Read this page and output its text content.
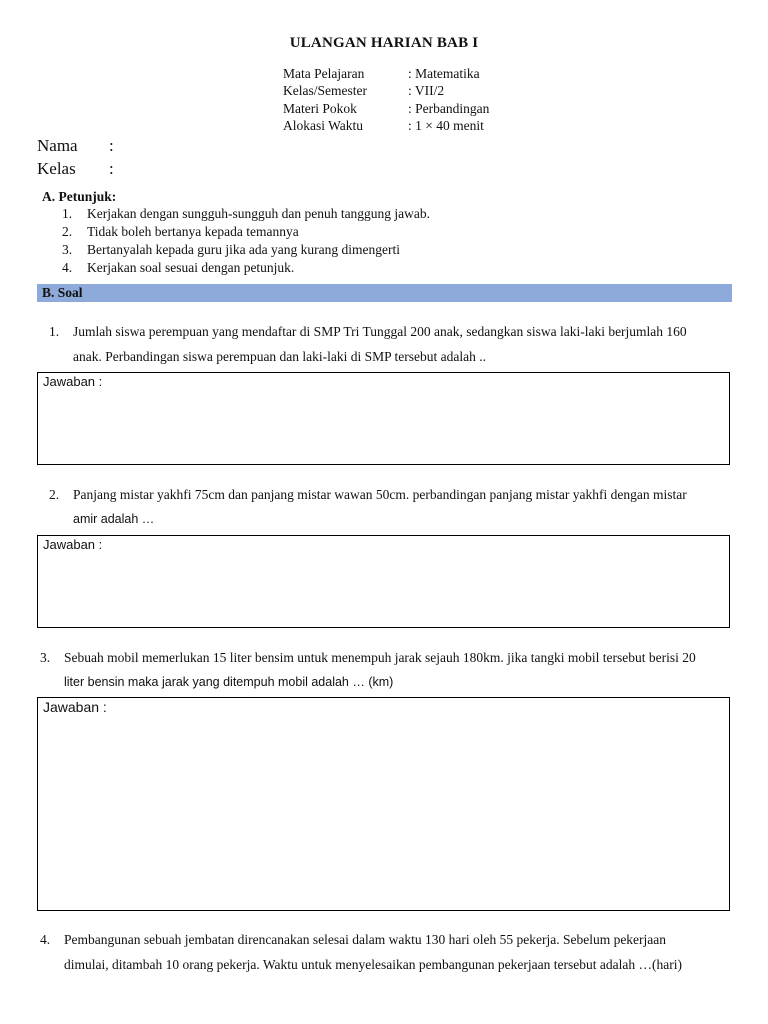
ULANGAN HARIAN BAB I
Mata Pelajaran	: Matematika
Kelas/Semester	: VII/2
Materi Pokok	: Perbandingan
Alokasi Waktu	: 1 × 40 menit
Nama :
Kelas :
A. Petunjuk:
1. Kerjakan dengan sungguh-sungguh dan penuh tanggung jawab.
2. Tidak boleh bertanya kepada temannya
3. Bertanyalah kepada guru jika ada yang kurang dimengerti
4. Kerjakan soal sesuai dengan petunjuk.
B. Soal
1. Jumlah siswa perempuan yang mendaftar di SMP Tri Tunggal 200 anak, sedangkan siswa laki-laki berjumlah 160
anak. Perbandingan siswa perempuan dan laki-laki di SMP tersebut adalah ..
Jawaban :
2. Panjang mistar yakhfi 75cm dan panjang mistar wawan 50cm. perbandingan panjang mistar yakhfi dengan mistar
amir adalah …
Jawaban :
3. Sebuah mobil memerlukan 15 liter bensim untuk menempuh jarak sejauh 180km. jika tangki mobil tersebut berisi 20
liter bensin maka jarak yang ditempuh mobil adalah … (km)
Jawaban :
4. Pembangunan sebuah jembatan direncanakan selesai dalam waktu 130 hari oleh 55 pekerja. Sebelum pekerjaan
dimulai, ditambah 10 orang pekerja. Waktu untuk menyelesaikan pembangunan pekerjaan tersebut adalah …(hari)
